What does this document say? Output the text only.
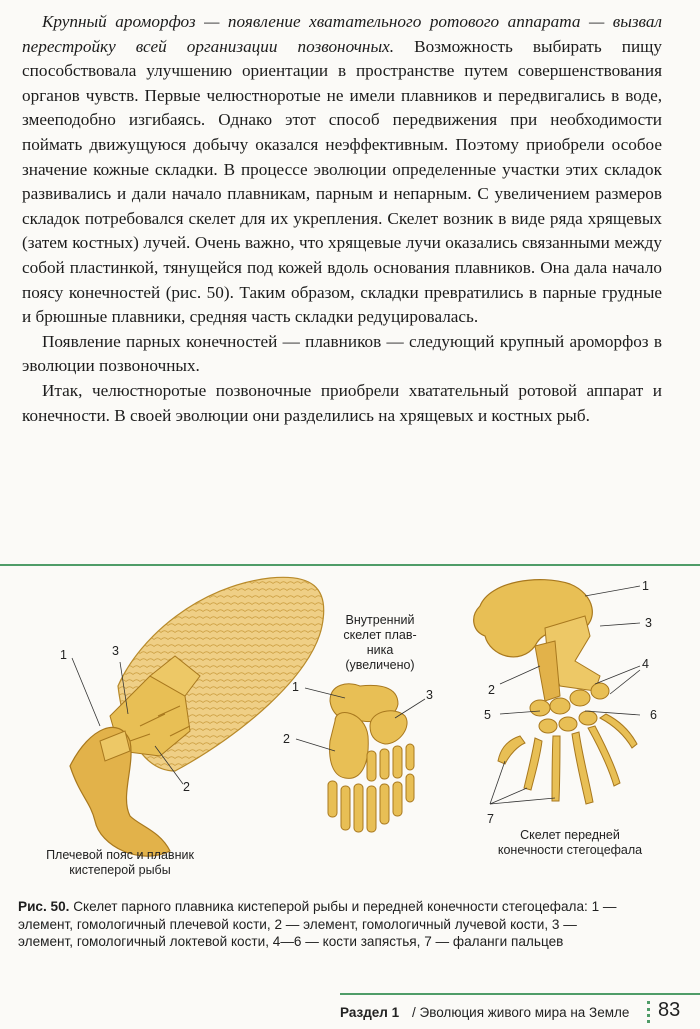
Крупный ароморфоз — появление хватательного ротового аппарата — вызвал перестройку всей организации позвоночных. Возможность выбирать пищу способствовала улучшению ориентации в пространстве путем совершенствования органов чувств. Первые челюстноротые не имели плавников и передвигались в воде, змееподобно изгибаясь. Однако этот способ передвижения при необходимости поймать движущуюся добычу оказался неэффективным. Поэтому приобрели особое значение кожные складки. В процессе эволюции определенные участки этих складок развивались и дали начало плавникам, парным и непарным. С увеличением размеров складок потребовался скелет для их укрепления. Скелет возник в виде ряда хрящевых (затем костных) лучей. Очень важно, что хрящевые лучи оказались связанными между собой пластинкой, тянущейся под кожей вдоль основания плавников. Она дала начало поясу конечностей (рис. 50). Таким образом, складки превратились в парные грудные и брюшные плавники, средняя часть складки редуцировалась.

Появление парных конечностей — плавников — следующий крупный ароморфоз в эволюции позвоночных.

Итак, челюстноротые позвоночные приобрели хватательный ротовой аппарат и конечности. В своей эволюции они разделились на хрящевых и костных рыб.

1	3
2
Внутренний
скелет плав-
ника
(увеличено)
1
3
2
1
3
4
2
5	6
7
Плечевой пояс и плавник
кистеперой рыбы
Скелет передней
конечности стегоцефала
Рис. 50. Скелет парного плавника кистеперой рыбы и передней конечности стегоцефала: 1 — элемент, гомологичный плечевой кости, 2 — элемент, гомологичный лучевой кости, 3 — элемент, гомологичный локтевой кости, 4—6 — кости запястья, 7 — фаланги пальцев
Раздел 1 / Эволюция живого мира на Земле 83
